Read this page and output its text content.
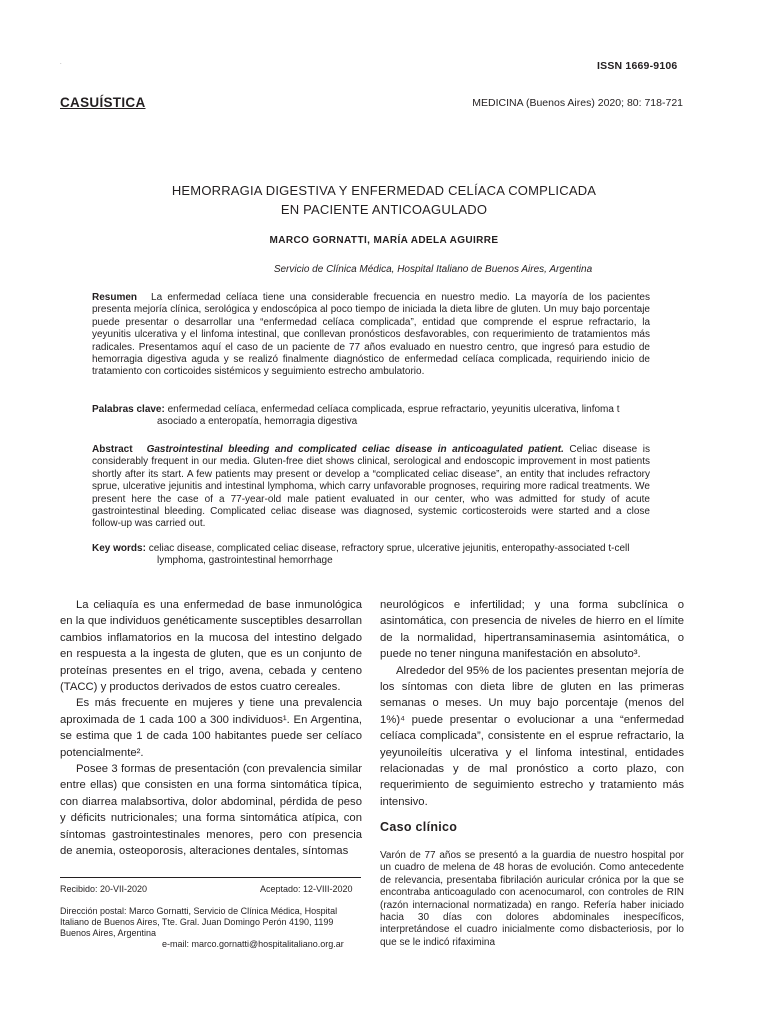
.	ISSN 1669-9106
CASUÍSTICA	MEDICINA (Buenos Aires) 2020; 80: 718-721
HEMORRAGIA DIGESTIVA Y ENFERMEDAD CELÍACA COMPLICADA
EN PACIENTE ANTICOAGULADO
MARCO GORNATTI, MARÍA ADELA AGUIRRE
Servicio de Clínica Médica, Hospital Italiano de Buenos Aires, Argentina
Resumen La enfermedad celíaca tiene una considerable frecuencia en nuestro medio. La mayoría de los pacientes presenta mejoría clínica, serológica y endoscópica al poco tiempo de iniciada la dieta libre de gluten. Un muy bajo porcentaje puede presentar o desarrollar una “enfermedad celíaca complicada”, entidad que comprende el esprue refractario, la yeyunitis ulcerativa y el linfoma intestinal, que conllevan pronósticos desfavorables, con requerimiento de tratamientos más radicales. Presentamos aquí el caso de un paciente de 77 años evaluado en nuestro centro, que ingresó para estudio de hemorragia digestiva aguda y se realizó finalmente diagnóstico de enfermedad celíaca complicada, requiriendo inicio de tratamiento con corticoides sistémicos y seguimiento estrecho ambulatorio.
Palabras clave: enfermedad celíaca, enfermedad celíaca complicada, esprue refractario, yeyunitis ulcerativa, linfoma t asociado a enteropatía, hemorragia digestiva
Abstract Gastrointestinal bleeding and complicated celiac disease in anticoagulated patient. Celiac disease is considerably frequent in our media. Gluten-free diet shows clinical, serological and endoscopic improvement in most patients shortly after its start. A few patients may present or develop a “complicated celiac disease”, an entity that includes refractory sprue, ulcerative jejunitis and intestinal lymphoma, which carry unfavorable prognoses, requiring more radical treatments. We present here the case of a 77-year-old male patient evaluated in our center, who was admitted for study of acute gastrointestinal bleeding. Complicated celiac disease was diagnosed, systemic corticosteroids were started and a close follow-up was carried out.
Key words: celiac disease, complicated celiac disease, refractory sprue, ulcerative jejunitis, enteropathy-associated t-cell lymphoma, gastrointestinal hemorrhage

La celiaquía es una enfermedad de base inmunológica en la que individuos genéticamente susceptibles desarrollan cambios inflamatorios en la mucosa del intestino delgado en respuesta a la ingesta de gluten, que es un conjunto de proteínas presentes en el trigo, avena, cebada y centeno (TACC) y productos derivados de estos cuatro cereales.

Es más frecuente en mujeres y tiene una prevalencia aproximada de 1 cada 100 a 300 individuos¹. En Argentina, se estima que 1 de cada 100 habitantes puede ser celíaco potencialmente².

Posee 3 formas de presentación (con prevalencia similar entre ellas) que consisten en una forma sintomática típica, con diarrea malabsortiva, dolor abdominal, pérdida de peso y déficits nutricionales; una forma sintomática atípica, con síntomas gastrointestinales menores, pero con presencia de anemia, osteoporosis, alteraciones dentales, síntomas

neurológicos e infertilidad; y una forma subclínica o asintomática, con presencia de niveles de hierro en el límite de la normalidad, hipertransaminasemia asintomática, o puede no tener ninguna manifestación en absoluto³.

Alrededor del 95% de los pacientes presentan mejoría de los síntomas con dieta libre de gluten en las primeras semanas o meses. Un muy bajo porcentaje (menos del 1%)⁴ puede presentar o evolucionar a una “enfermedad celíaca complicada”, consistente en el esprue refractario, la yeyunoileítis ulcerativa y el linfoma intestinal, entidades relacionadas y de mal pronóstico a corto plazo, con requerimiento de seguimiento estrecho y tratamiento más intensivo.

Caso clínico
Varón de 77 años se presentó a la guardia de nuestro hospital por un cuadro de melena de 48 horas de evolución. Como antecedente de relevancia, presentaba fibrilación auricular crónica por la que se encontraba anticoagulado con acenocumarol, con controles de RIN (razón internacional normatizada) en rango. Refería haber iniciado hacia 30 días con dolores abdominales inespecíficos, interpretándose el cuadro inicialmente como disbacteriosis, por lo que se le indicó rifaximina
Recibido: 20-VII-2020	Aceptado: 12-VIII-2020
Dirección postal: Marco Gornatti, Servicio de Clínica Médica, Hospital Italiano de Buenos Aires, Tte. Gral. Juan Domingo Perón 4190, 1199 Buenos Aires, Argentina
e-mail: marco.gornatti@hospitalitaliano.org.ar
